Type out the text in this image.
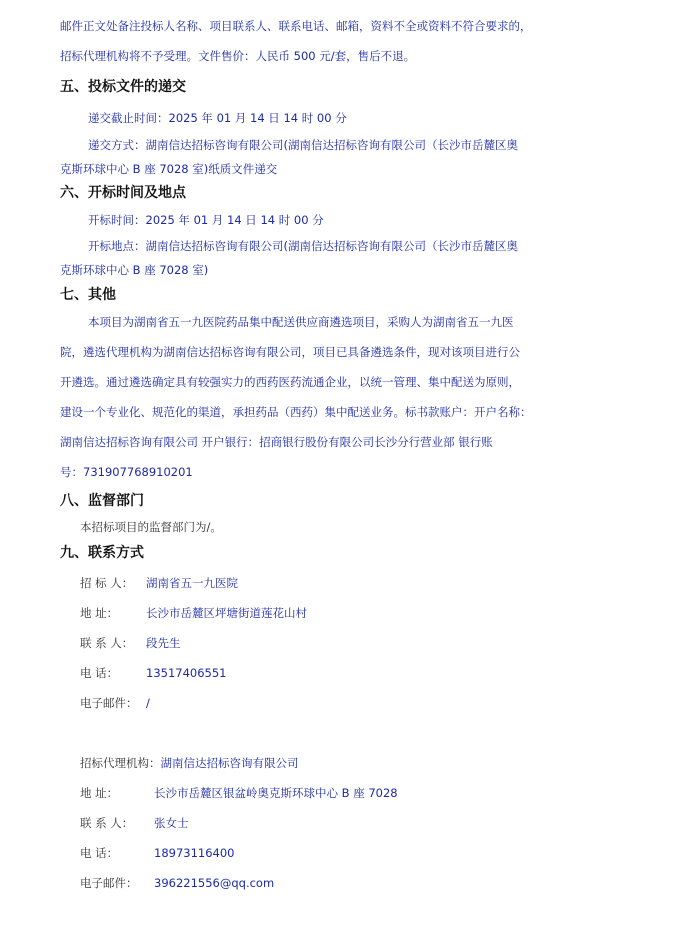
邮件正文处备注投标人名称、项目联系人、联系电话、邮箱，资料不全或资料不符合要求的，
招标代理机构将不予受理。文件售价：人民币 500 元/套，售后不退。
五、投标文件的递交
递交截止时间：2025 年 01 月 14 日 14 时 00 分
递交方式：湖南信达招标咨询有限公司(湖南信达招标咨询有限公司（长沙市岳麓区奥
克斯环球中心 B 座 7028 室)纸质文件递交
六、开标时间及地点
开标时间：2025 年 01 月 14 日 14 时 00 分
开标地点：湖南信达招标咨询有限公司(湖南信达招标咨询有限公司（长沙市岳麓区奥
克斯环球中心 B 座 7028 室)
七、其他
本项目为湖南省五一九医院药品集中配送供应商遴选项目，采购人为湖南省五一九医
院，遴选代理机构为湖南信达招标咨询有限公司，项目已具备遴选条件，现对该项目进行公
开遴选。通过遴选确定具有较强实力的西药医药流通企业，以统一管理、集中配送为原则，
建设一个专业化、规范化的渠道，承担药品（西药）集中配送业务。标书款账户：开户名称：
湖南信达招标咨询有限公司 开户银行：招商银行股份有限公司长沙分行营业部 银行账
号：731907768910201
八、监督部门
本招标项目的监督部门为/。
九、联系方式
招 标 人： 湖南省五一九医院
地 址： 长沙市岳麓区坪塘街道莲花山村
联 系 人： 段先生
电 话： 13517406551
电子邮件： /
招标代理机构：湖南信达招标咨询有限公司
地 址：	长沙市岳麓区银盆岭奥克斯环球中心 B 座 7028
联 系 人： 张女士
电 话：	18973116400
电子邮件： 396221556@qq.com
